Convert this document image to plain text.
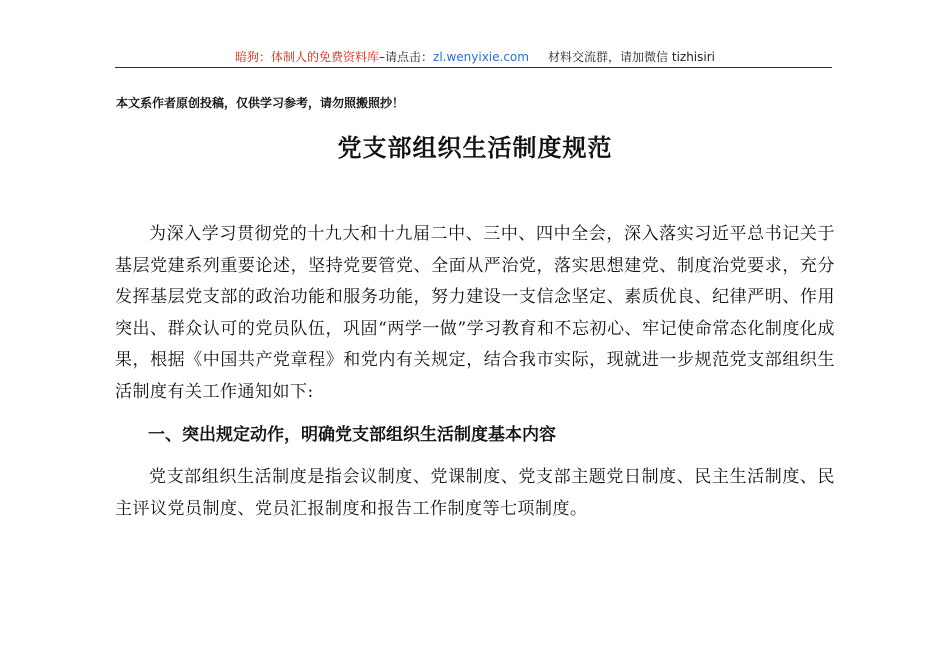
暗狗：体制人的免费资料库–请点击：zl.wenyixie.com 材料交流群，请加微信 tizhisiri
本文系作者原创投稿，仅供学习参考，请勿照搬照抄！
党支部组织生活制度规范
为深入学习贯彻党的十九大和十九届二中、三中、四中全会，深入落实习近平总书记关于基层党建系列重要论述，坚持党要管党、全面从严治党，落实思想建党、制度治党要求，充分发挥基层党支部的政治功能和服务功能，努力建设一支信念坚定、素质优良、纪律严明、作用突出、群众认可的党员队伍，巩固“两学一做”学习教育和不忘初心、牢记使命常态化制度化成果，根据《中国共产党章程》和党内有关规定，结合我市实际，现就进一步规范党支部组织生活制度有关工作通知如下:
一、突出规定动作，明确党支部组织生活制度基本内容
党支部组织生活制度是指会议制度、党课制度、党支部主题党日制度、民主生活制度、民主评议党员制度、党员汇报制度和报告工作制度等七项制度。
